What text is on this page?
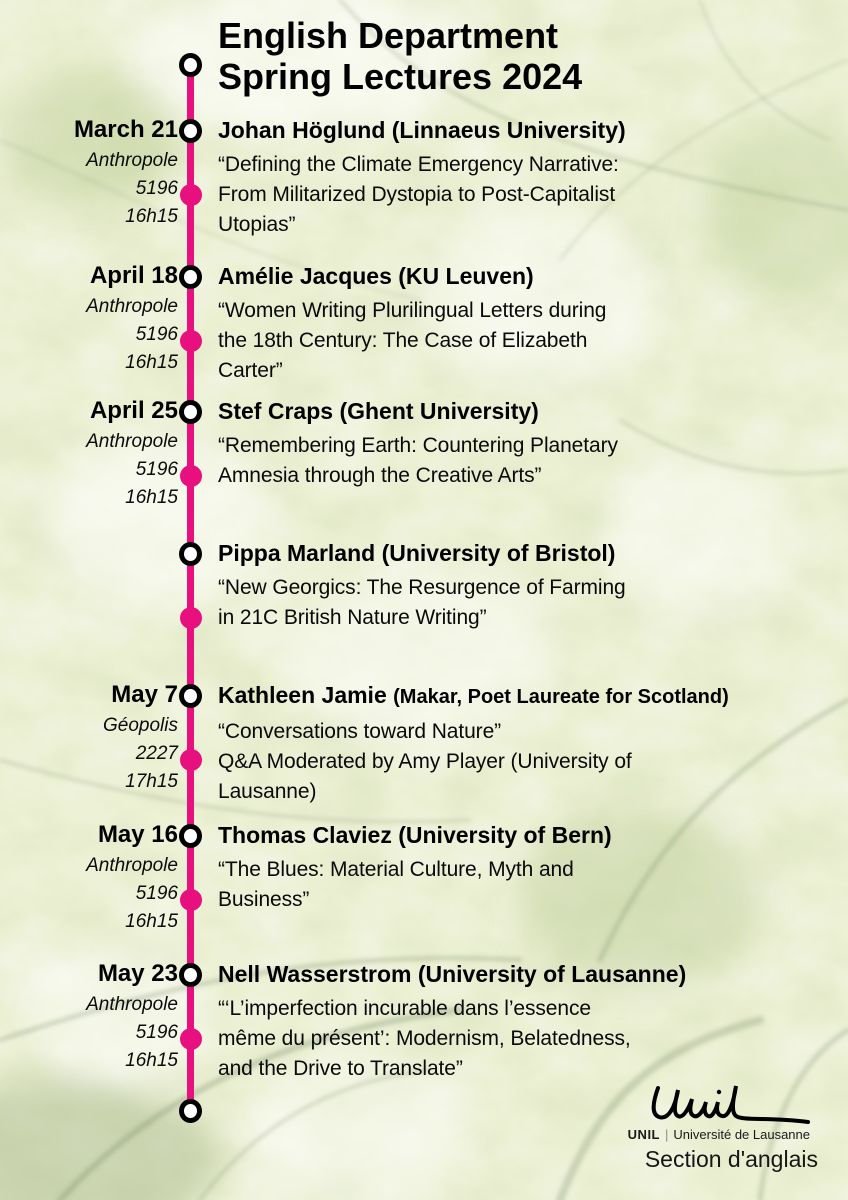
English Department
Spring Lectures 2024
March 21
Anthropole
5196
16h15
Johan Höglund (Linnaeus University)
“Defining the Climate Emergency Narrative:
From Militarized Dystopia to Post-Capitalist
Utopias”
April 18
Anthropole
5196
16h15
Amélie Jacques (KU Leuven)
“Women Writing Plurilingual Letters during
the 18th Century: The Case of Elizabeth
Carter”
April 25
Anthropole
5196
16h15
Stef Craps (Ghent University)
“Remembering Earth: Countering Planetary
Amnesia through the Creative Arts”
Pippa Marland (University of Bristol)
“New Georgics: The Resurgence of Farming
in 21C British Nature Writing”
May 7
Géopolis
2227
17h15
Kathleen Jamie (Makar, Poet Laureate for Scotland)
“Conversations toward Nature”
Q&A Moderated by Amy Player (University of
Lausanne)
May 16
Anthropole
5196
16h15
Thomas Claviez (University of Bern)
“The Blues: Material Culture, Myth and
Business”
May 23
Anthropole
5196
16h15
Nell Wasserstrom (University of Lausanne)
“‘L’imperfection incurable dans l’essence
même du présent’: Modernism, Belatedness,
and the Drive to Translate”
UNIL | Université de Lausanne
Section d'anglais
